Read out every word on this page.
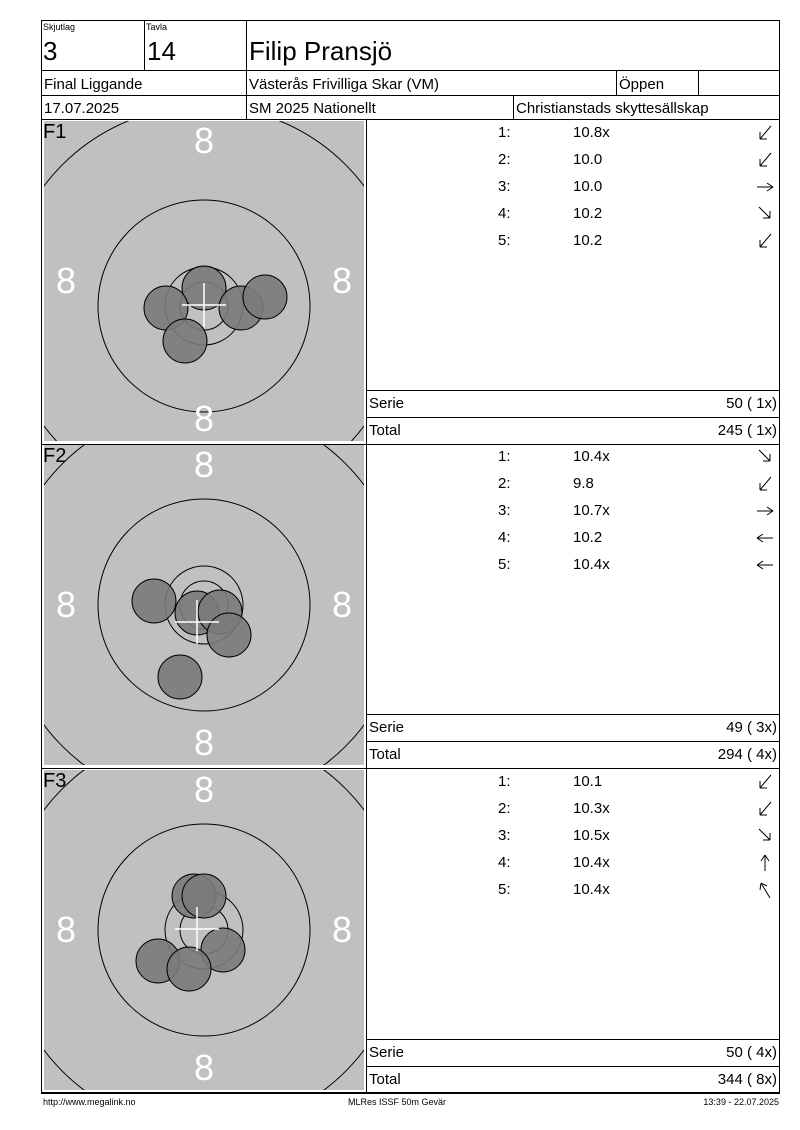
Skjutlag
3
Tavla
14	Filip Pransjö
Final Liggande	Västerås Frivilliga Skar (VM)	Öppen
17.07.2025	SM 2025 Nationellt	Christianstads skyttesällskap
8
8
8	8
F1	1:	10.8x
2:	10.0
3:	10.0
4:	10.2
5:	10.2
Serie	50 ( 1x)
Total	245 ( 1x)
8
8
8	8
F2	1:	10.4x
2:	9.8
3:	10.7x
4:	10.2
5:	10.4x
Serie	49 ( 3x)
Total	294 ( 4x)
8
8
8	8
F3	1:	10.1
2:	10.3x
3:	10.5x
4:	10.4x
5:	10.4x
Serie	50 ( 4x)
Total	344 ( 8x)
http://www.megalink.no	MLRes ISSF 50m Gevär	13:39 - 22.07.2025
